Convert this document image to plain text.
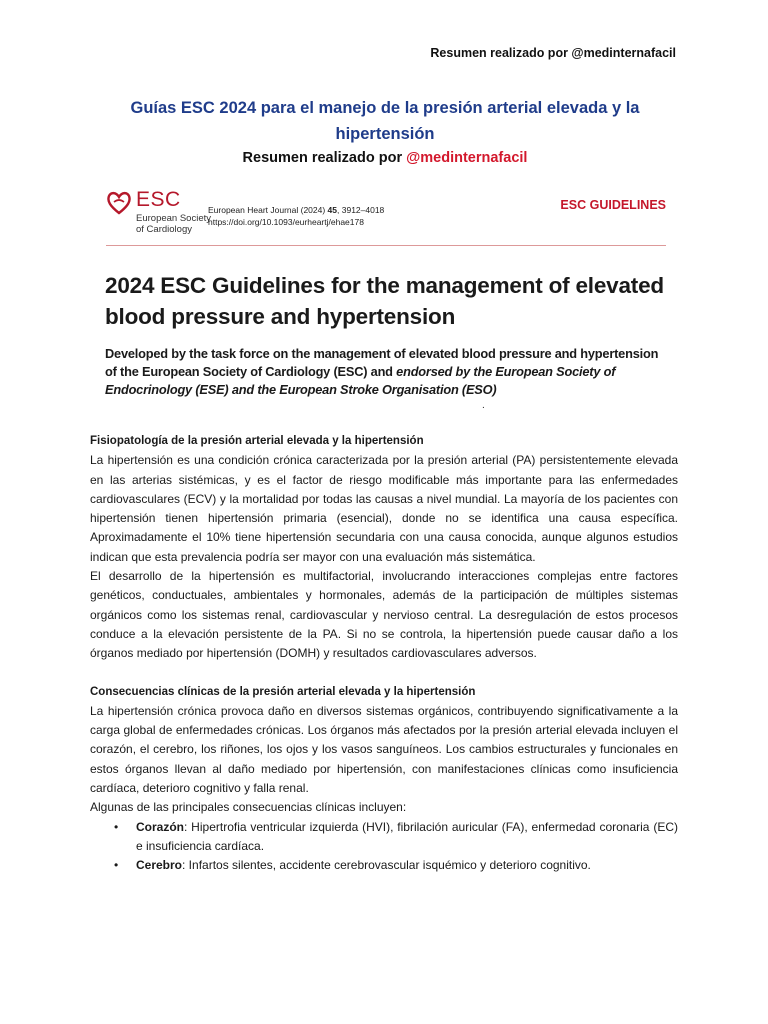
Resumen realizado por @medinternafacil
Guías ESC 2024 para el manejo de la presión arterial elevada y la hipertensión
Resumen realizado por @medinternafacil
ESC
European Society
of Cardiology
European Heart Journal (2024) 45, 3912–4018
https://doi.org/10.1093/eurheartj/ehae178
ESC GUIDELINES
2024 ESC Guidelines for the management of elevated blood pressure and hypertension
Developed by the task force on the management of elevated blood pressure and hypertension of the European Society of Cardiology (ESC) and endorsed by the European Society of Endocrinology (ESE) and the European Stroke Organisation (ESO)
.
Fisiopatología de la presión arterial elevada y la hipertensión
La hipertensión es una condición crónica caracterizada por la presión arterial (PA) persistentemente elevada en las arterias sistémicas, y es el factor de riesgo modificable más importante para las enfermedades cardiovasculares (ECV) y la mortalidad por todas las causas a nivel mundial. La mayoría de los pacientes con hipertensión tienen hipertensión primaria (esencial), donde no se identifica una causa específica. Aproximadamente el 10% tiene hipertensión secundaria con una causa conocida, aunque algunos estudios indican que esta prevalencia podría ser mayor con una evaluación más sistemática.
El desarrollo de la hipertensión es multifactorial, involucrando interacciones complejas entre factores genéticos, conductuales, ambientales y hormonales, además de la participación de múltiples sistemas orgánicos como los sistemas renal, cardiovascular y nervioso central. La desregulación de estos procesos conduce a la elevación persistente de la PA. Si no se controla, la hipertensión puede causar daño a los órganos mediado por hipertensión (DOMH) y resultados cardiovasculares adversos.
Consecuencias clínicas de la presión arterial elevada y la hipertensión
La hipertensión crónica provoca daño en diversos sistemas orgánicos, contribuyendo significativamente a la carga global de enfermedades crónicas. Los órganos más afectados por la presión arterial elevada incluyen el corazón, el cerebro, los riñones, los ojos y los vasos sanguíneos. Los cambios estructurales y funcionales en estos órganos llevan al daño mediado por hipertensión, con manifestaciones clínicas como insuficiencia cardíaca, deterioro cognitivo y falla renal.
Algunas de las principales consecuencias clínicas incluyen:
• Corazón: Hipertrofia ventricular izquierda (HVI), fibrilación auricular (FA), enfermedad coronaria (EC) e insuficiencia cardíaca.
• Cerebro: Infartos silentes, accidente cerebrovascular isquémico y deterioro cognitivo.
